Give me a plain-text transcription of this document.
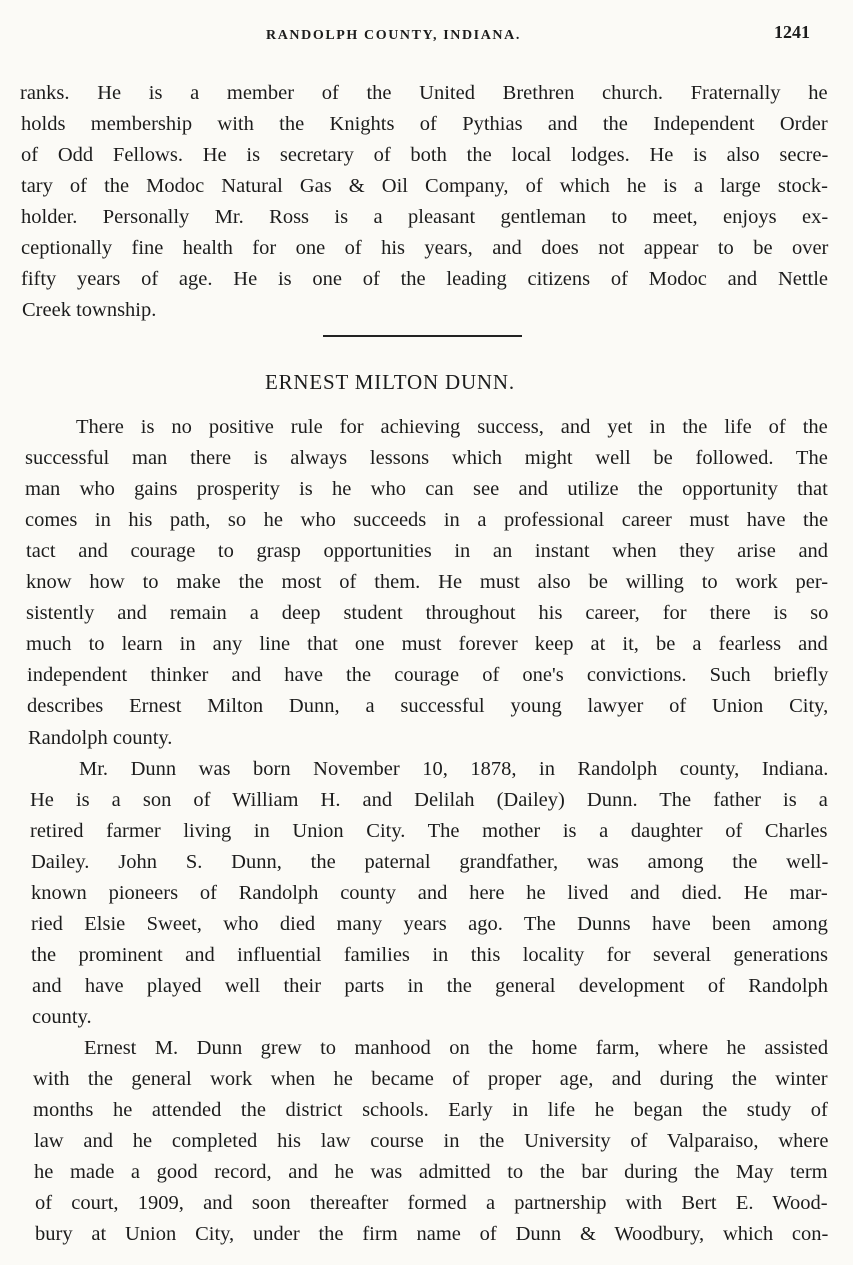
RANDOLPH COUNTY, INDIANA.	1241
ranks. He is a member of the United Brethren church. Fraternally he
holds membership with the Knights of Pythias and the Independent Order
of Odd Fellows. He is secretary of both the local lodges. He is also secre-
tary of the Modoc Natural Gas & Oil Company, of which he is a large stock-
holder. Personally Mr. Ross is a pleasant gentleman to meet, enjoys ex-
ceptionally fine health for one of his years, and does not appear to be over
fifty years of age. He is one of the leading citizens of Modoc and Nettle
Creek township.
ERNEST MILTON DUNN.
There is no positive rule for achieving success, and yet in the life of the
successful man there is always lessons which might well be followed. The
man who gains prosperity is he who can see and utilize the opportunity that
comes in his path, so he who succeeds in a professional career must have the
tact and courage to grasp opportunities in an instant when they arise and
know how to make the most of them. He must also be willing to work per-
sistently and remain a deep student throughout his career, for there is so
much to learn in any line that one must forever keep at it, be a fearless and
independent thinker and have the courage of one's convictions. Such briefly
describes Ernest Milton Dunn, a successful young lawyer of Union City,
Randolph county.
Mr. Dunn was born November 10, 1878, in Randolph county, Indiana.
He is a son of William H. and Delilah (Dailey) Dunn. The father is a
retired farmer living in Union City. The mother is a daughter of Charles
Dailey. John S. Dunn, the paternal grandfather, was among the well-
known pioneers of Randolph county and here he lived and died. He mar-
ried Elsie Sweet, who died many years ago. The Dunns have been among
the prominent and influential families in this locality for several generations
and have played well their parts in the general development of Randolph
county.
Ernest M. Dunn grew to manhood on the home farm, where he assisted
with the general work when he became of proper age, and during the winter
months he attended the district schools. Early in life he began the study of
law and he completed his law course in the University of Valparaiso, where
he made a good record, and he was admitted to the bar during the May term
of court, 1909, and soon thereafter formed a partnership with Bert E. Wood-
bury at Union City, under the firm name of Dunn & Woodbury, which con-
